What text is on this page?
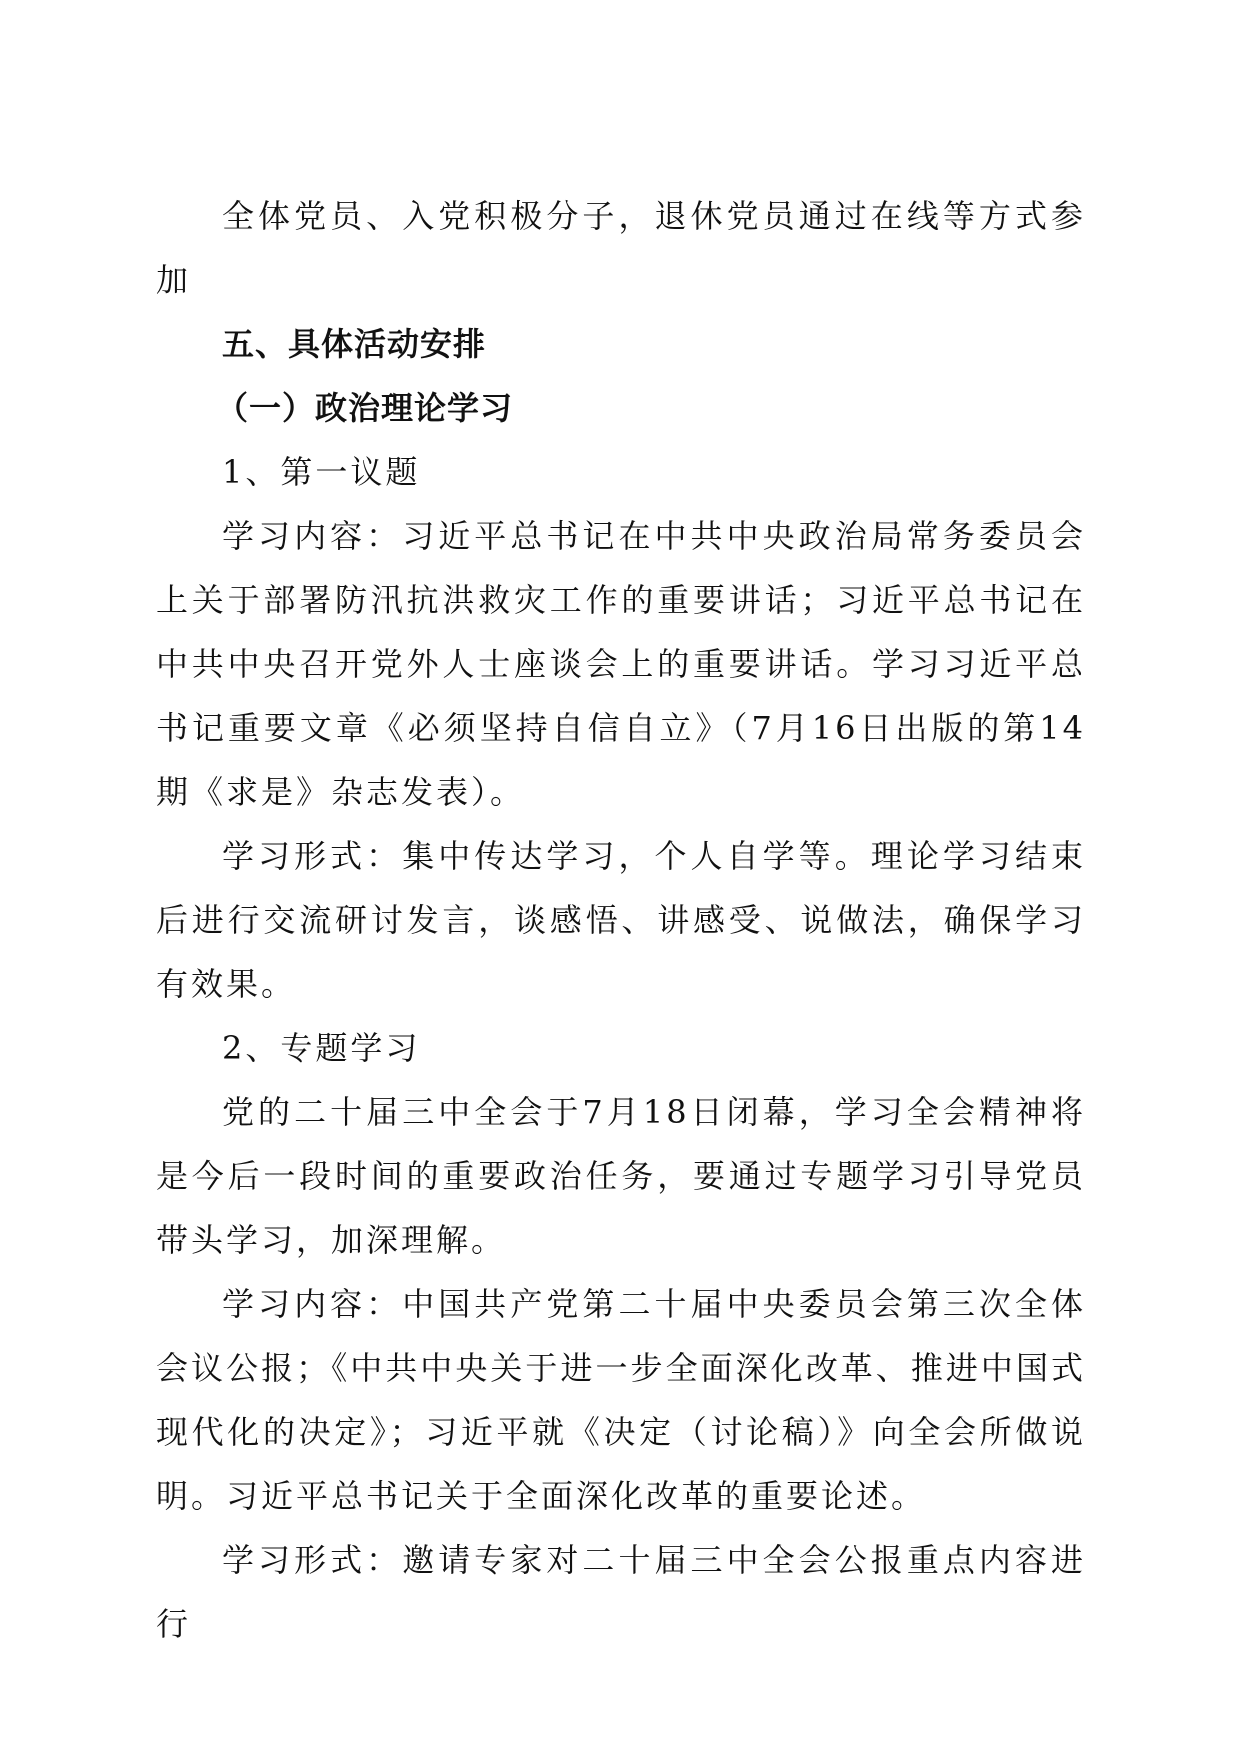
全体党员、入党积极分子，退休党员通过在线等方式参加

五、具体活动安排

（一）政治理论学习

1、第一议题

学习内容：习近平总书记在中共中央政治局常务委员会上关于部署防汛抗洪救灾工作的重要讲话；习近平总书记在中共中央召开党外人士座谈会上的重要讲话。学习习近平总书记重要文章《必须坚持自信自立》（7月16日出版的第14期《求是》杂志发表）。

学习形式：集中传达学习，个人自学等。理论学习结束后进行交流研讨发言，谈感悟、讲感受、说做法，确保学习有效果。

2、专题学习

党的二十届三中全会于7月18日闭幕，学习全会精神将是今后一段时间的重要政治任务，要通过专题学习引导党员带头学习，加深理解。

学习内容：中国共产党第二十届中央委员会第三次全体会议公报；《中共中央关于进一步全面深化改革、推进中国式现代化的决定》；习近平就《决定（讨论稿）》向全会所做说明。习近平总书记关于全面深化改革的重要论述。

学习形式：邀请专家对二十届三中全会公报重点内容进行
